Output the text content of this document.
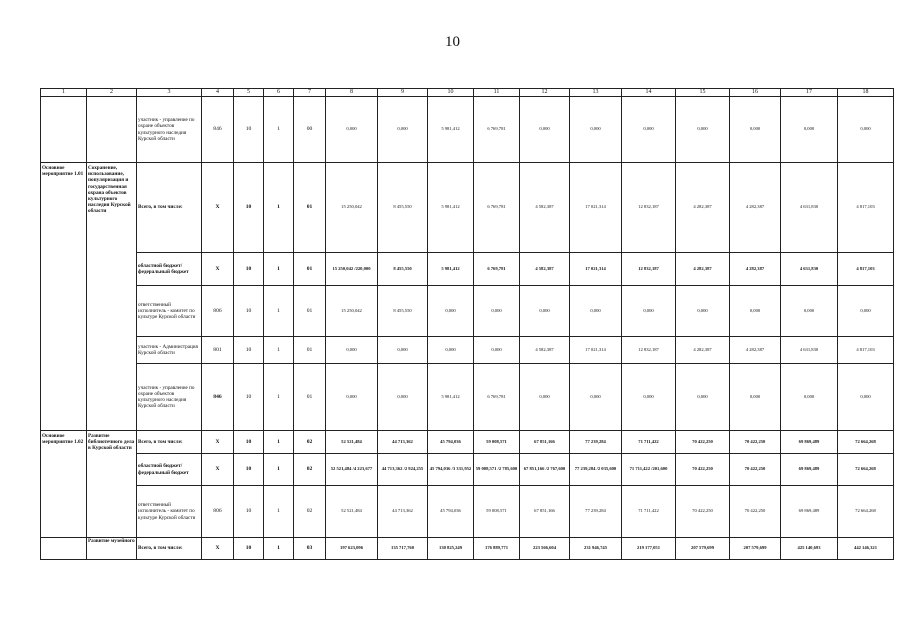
10
1	2	3	4	5	6	7	8	9	10	11	12	13	14	15	16	17	18
		участник - управление по охране объектов культурного наследия Курской области	846	10	1	00	0,000	0,000	5 981,412	6 769,781	0,000	0,000	0,000	0,000	0,000	0,000	0,000
Основное мероприятие 1.01	Сохранение, использование, популяризация и государственная охрана объектов культурного наследия Курской области	Всего, в том числе:	X	10	1	01	15 250,042	8 455,550	5 981,412	6 769,781	4 582,387	17 021,314	12 832,187	4 282,387	4 282,387	4 631,830	4 817,103
		областной бюджет/ федеральный бюджет	X	10	1	01	15 250,042 /220,000	8 455,550	5 981,412	6 769,781	4 582,387	17 021,314	12 832,187	4 282,387	4 282,387	4 631,830	4 817,103
		ответственный исполнитель - комитет по культуре Курской области	806	10	1	01	15 250,042	8 455,550	0,000	0,000	0,000	0,000	0,000	0,000	0,000	0,000	0,000
		участник - Администрация Курской области	801	10	1	01	0,000	0,000	0,000	0,000	4 582,387	17 021,314	12 832,187	4 282,387	4 282,387	4 631,830	4 817,103
		участник - управление по охране объектов культурного наследия Курской области	846	10	1	01	0,000	0,000	5 981,412	6 769,781	0,000	0,000	0,000	0,000	0,000	0,000	0,000
Основное мероприятие 1.02	Развитие библиотечного дела в Курской области	Всего, в том числе:	X	10	1	02	52 521,484	44 713,362	45 794,036	59 008,571	67 851,166	77 239,284	71 711,422	70 422,250	70 422,250	69 869,489	72 664,268
		областной бюджет/ федеральный бюджет	X	10	1	02	52 521,484 /4 223,677	44 713,362 /2 924,255	45 794,036 /3 331,952	59 008,571 /2 785,600	67 851,166 /2 767,600	77 239,284 /2 035,600	71 711,422 /201,600	70 422,250	70 422,250	69 869,489	72 664,268
		ответственный исполнитель - комитет по культуре Курской области	806	10	1	02	52 521,484	44 713,362	45 794,036	59 008,571	67 851,166	77 239,284	71 711,422	70 422,250	70 422,250	69 869,489	72 664,268
	Развитие музейного	Всего, в том числе:	X	10	1	03	197 623,096	135 717,760	130 825,249	176 889,771	223 566,604	231 946,745	219 177,051	207 579,699	207 579,699	425 140,693	442 146,321
